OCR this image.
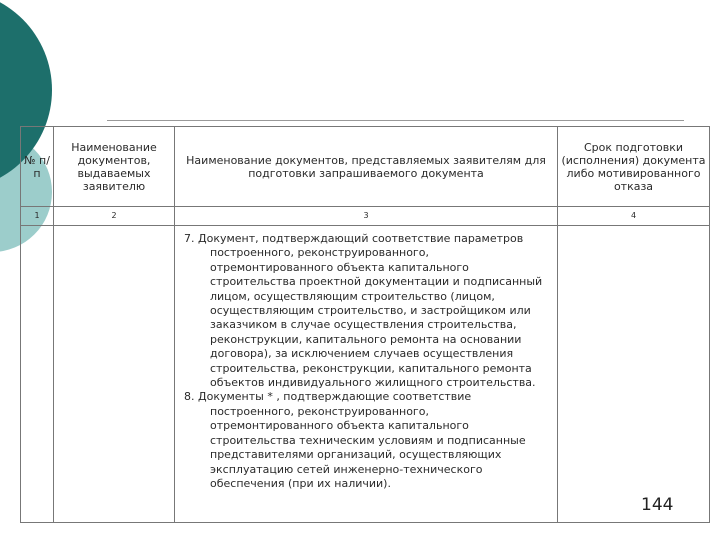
№ п/п	Наименование документов, выдаваемых заявителю	Наименование документов, представляемых заявителям для подготовки запрашиваемого документа	Срок подготовки (исполнения) документа либо мотивированного отказа
1	2	3	4

		7. Документ, подтверждающий соответствие параметров
построенного, реконструированного, отремонтированного объекта капитального строительства проектной документации и подписанный лицом, осуществляющим строительство (лицом, осуществляющим строительство, и застройщиком или заказчиком в случае осуществления строительства, реконструкции, капитального ремонта на основании договора), за исключением случаев осуществления строительства, реконструкции, капитального ремонта объектов индивидуального жилищного строительства.

8. Документы * , подтверждающие соответствие
построенного, реконструированного, отремонтированного объекта капитального строительства техническим условиям и подписанные представителями организаций, осуществляющих эксплуатацию сетей инженерно-технического обеспечения (при их наличии).	

144
